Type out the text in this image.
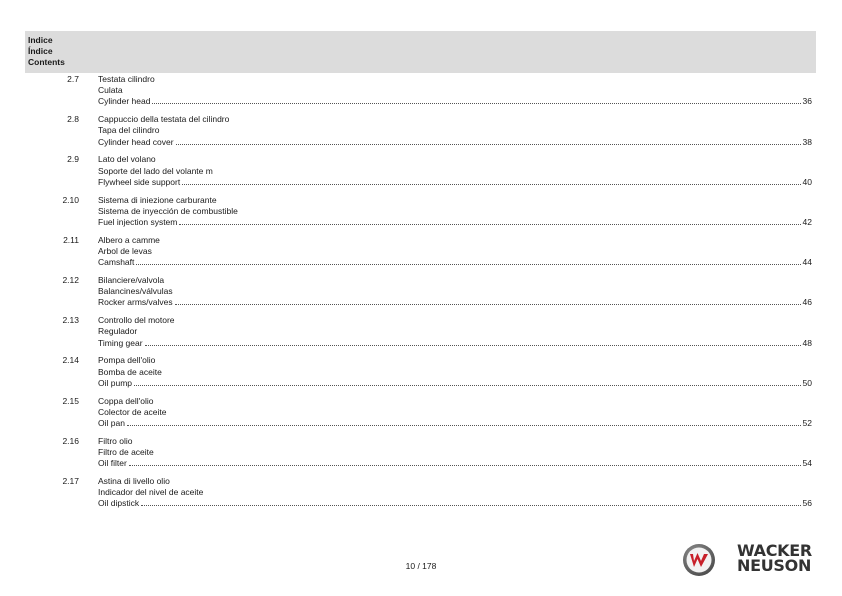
Indice
Índice
Contents
2.7 Testata cilindro
Culata
Cylinder head	36
2.8 Cappuccio della testata del cilindro
Tapa del cilindro
Cylinder head cover	38
2.9 Lato del volano
Soporte del lado del volante m
Flywheel side support	40
2.10 Sistema di iniezione carburante
Sistema de inyección de combustible
Fuel injection system	42
2.11 Albero a camme
Arbol de levas
Camshaft	44
2.12 Bilanciere/valvola
Balancines/válvulas
Rocker arms/valves	46
2.13 Controllo del motore
Regulador
Timing gear	48
2.14 Pompa dell'olio
Bomba de aceite
Oil pump	50
2.15 Coppa dell'olio
Colector de aceite
Oil pan	52
2.16 Filtro olio
Filtro de aceite
Oil filter	54
2.17 Astina di livello olio
Indicador del nivel de aceite
Oil dipstick	56
10 / 178
WACKER
NEUSON
